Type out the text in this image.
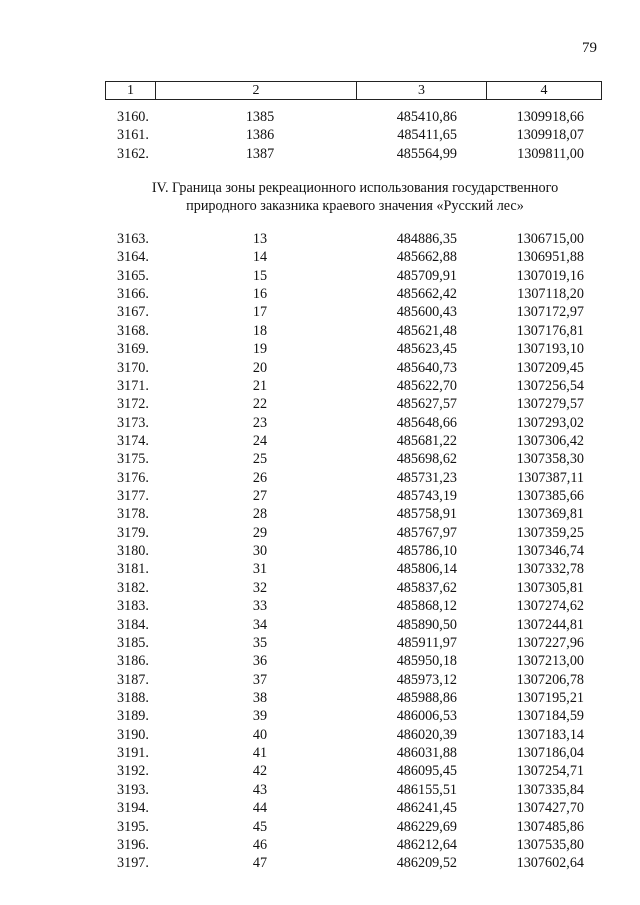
79
1	2	3	4
3160.	1385	485410,86	1309918,66
3161.	1386	485411,65	1309918,07
3162.	1387	485564,99	1309811,00
IV. Граница зоны рекреационного использования государственного
природного заказника краевого значения «Русский лес»
3163.	13	484886,35	1306715,00
3164.	14	485662,88	1306951,88
3165.	15	485709,91	1307019,16
3166.	16	485662,42	1307118,20
3167.	17	485600,43	1307172,97
3168.	18	485621,48	1307176,81
3169.	19	485623,45	1307193,10
3170.	20	485640,73	1307209,45
3171.	21	485622,70	1307256,54
3172.	22	485627,57	1307279,57
3173.	23	485648,66	1307293,02
3174.	24	485681,22	1307306,42
3175.	25	485698,62	1307358,30
3176.	26	485731,23	1307387,11
3177.	27	485743,19	1307385,66
3178.	28	485758,91	1307369,81
3179.	29	485767,97	1307359,25
3180.	30	485786,10	1307346,74
3181.	31	485806,14	1307332,78
3182.	32	485837,62	1307305,81
3183.	33	485868,12	1307274,62
3184.	34	485890,50	1307244,81
3185.	35	485911,97	1307227,96
3186.	36	485950,18	1307213,00
3187.	37	485973,12	1307206,78
3188.	38	485988,86	1307195,21
3189.	39	486006,53	1307184,59
3190.	40	486020,39	1307183,14
3191.	41	486031,88	1307186,04
3192.	42	486095,45	1307254,71
3193.	43	486155,51	1307335,84
3194.	44	486241,45	1307427,70
3195.	45	486229,69	1307485,86
3196.	46	486212,64	1307535,80
3197.	47	486209,52	1307602,64
